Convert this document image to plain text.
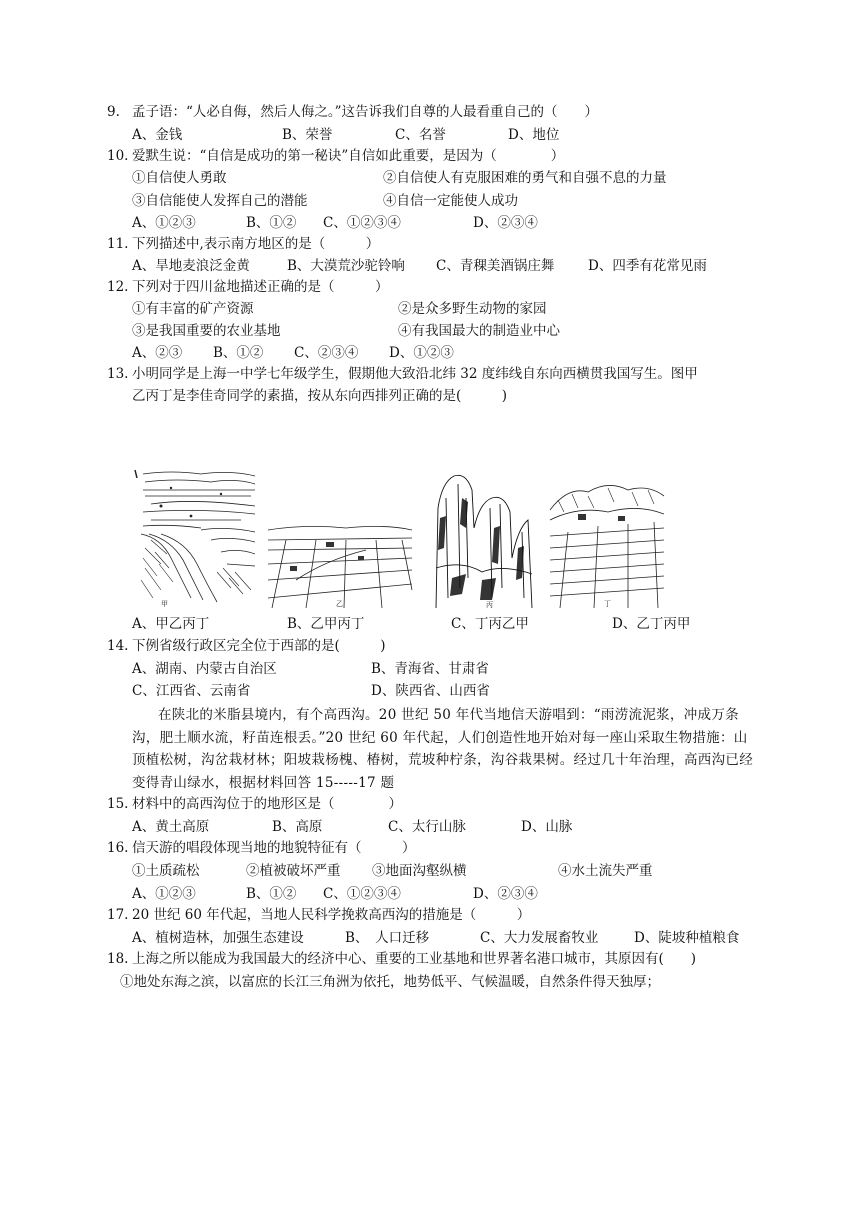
9. 孟子语：“人必自侮，然后人侮之。”这告诉我们自尊的人最看重自己的（　　）
A、金钱	B、荣誉	C、名誉	D、地位
10. 爱默生说：“自信是成功的第一秘诀”自信如此重要，是因为（　　　　）
①自信使人勇敢	②自信使人有克服困难的勇气和自强不息的力量
③自信能使人发挥自己的潜能	④自信一定能使人成功
A、①②③	B、①② C、①②③④	D、②③④
11. 下列描述中,表示南方地区的是（　　　）
A、旱地麦浪泛金黄	B、大漠荒沙驼铃响 C、青稞美酒锅庄舞 D、四季有花常见雨
12. 下列对于四川盆地描述正确的是（　　　）
①有丰富的矿产资源	②是众多野生动物的家园
③是我国重要的农业基地	④有我国最大的制造业中心
A、②③ B、①② C、②③④ D、①②③
13. 小明同学是上海一中学七年级学生，假期他大致沿北纬 32 度纬线自东向西横贯我国写生。图甲
乙丙丁是李佳奇同学的素描，按从东向西排列正确的是(　　　)
甲	乙	丙	丁
A、甲乙丙丁	B、乙甲丙丁	C、丁丙乙甲	D、乙丁丙甲
14. 下例省级行政区完全位于西部的是(　　　)
A、湖南、内蒙古自治区	B、青海省、甘肃省
C、江西省、云南省	D、陕西省、山西省
在陕北的米脂县境内，有个高西沟。20 世纪 50 年代当地信天游唱到：“雨涝流泥浆，冲成万条沟，肥土顺水流，籽苗连根丢。”20 世纪 60 年代起，人们创造性地开始对每一座山采取生物措施：山顶植松树，沟岔栽材林；阳坡栽杨槐、椿树，荒坡种柠条，沟谷栽果树。经过几十年治理，高西沟已经变得青山绿水，根据材料回答 15-----17 题
15. 材料中的高西沟位于的地形区是（　　　　）
A、黄土高原	B、高原	C、太行山脉	D、山脉
16. 信天游的唱段体现当地的地貌特征有（　　　）
①土质疏松	②植被破坏严重 ③地面沟壑纵横	④水土流失严重
A、①②③	B、①② C、①②③④	D、②③④
17. 20 世纪 60 年代起，当地人民科学挽救高西沟的措施是（　　　）
A、植树造林，加强生态建设	B、　人口迁移	C、大力发展畜牧业	D、陡坡种植粮食
18. 上海之所以能成为我国最大的经济中心、重要的工业基地和世界著名港口城市，其原因有(　　)
①地处东海之滨，以富庶的长江三角洲为依托，地势低平、气候温暖，自然条件得天独厚；
